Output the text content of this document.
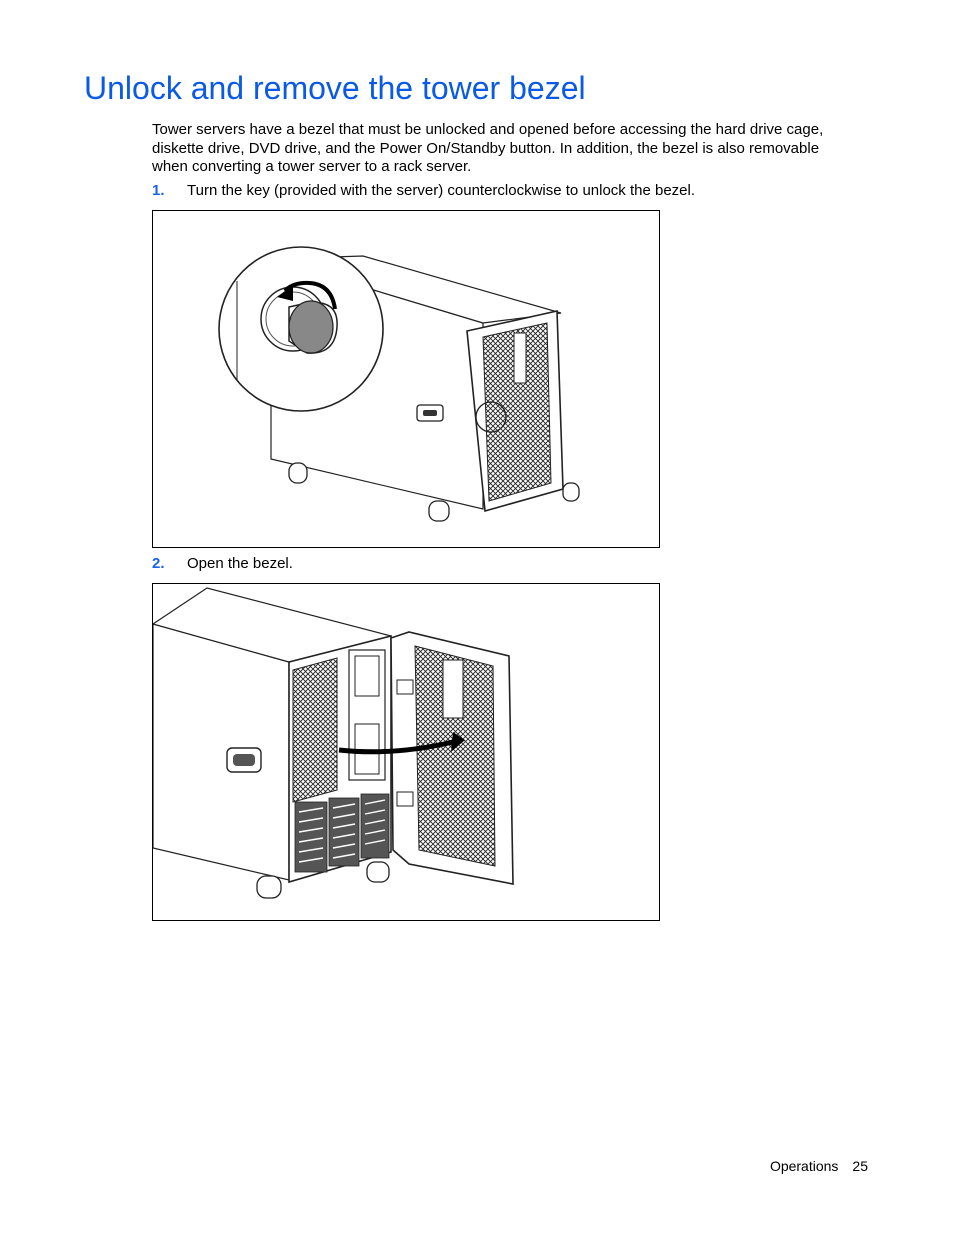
Unlock and remove the tower bezel

Tower servers have a bezel that must be unlocked and opened before accessing the hard drive cage, diskette drive, DVD drive, and the Power On/Standby button. In addition, the bezel is also removable when converting a tower server to a rack server.

1. Turn the key (provided with the server) counterclockwise to unlock the bezel.
2. Open the bezel.
Operations 25
